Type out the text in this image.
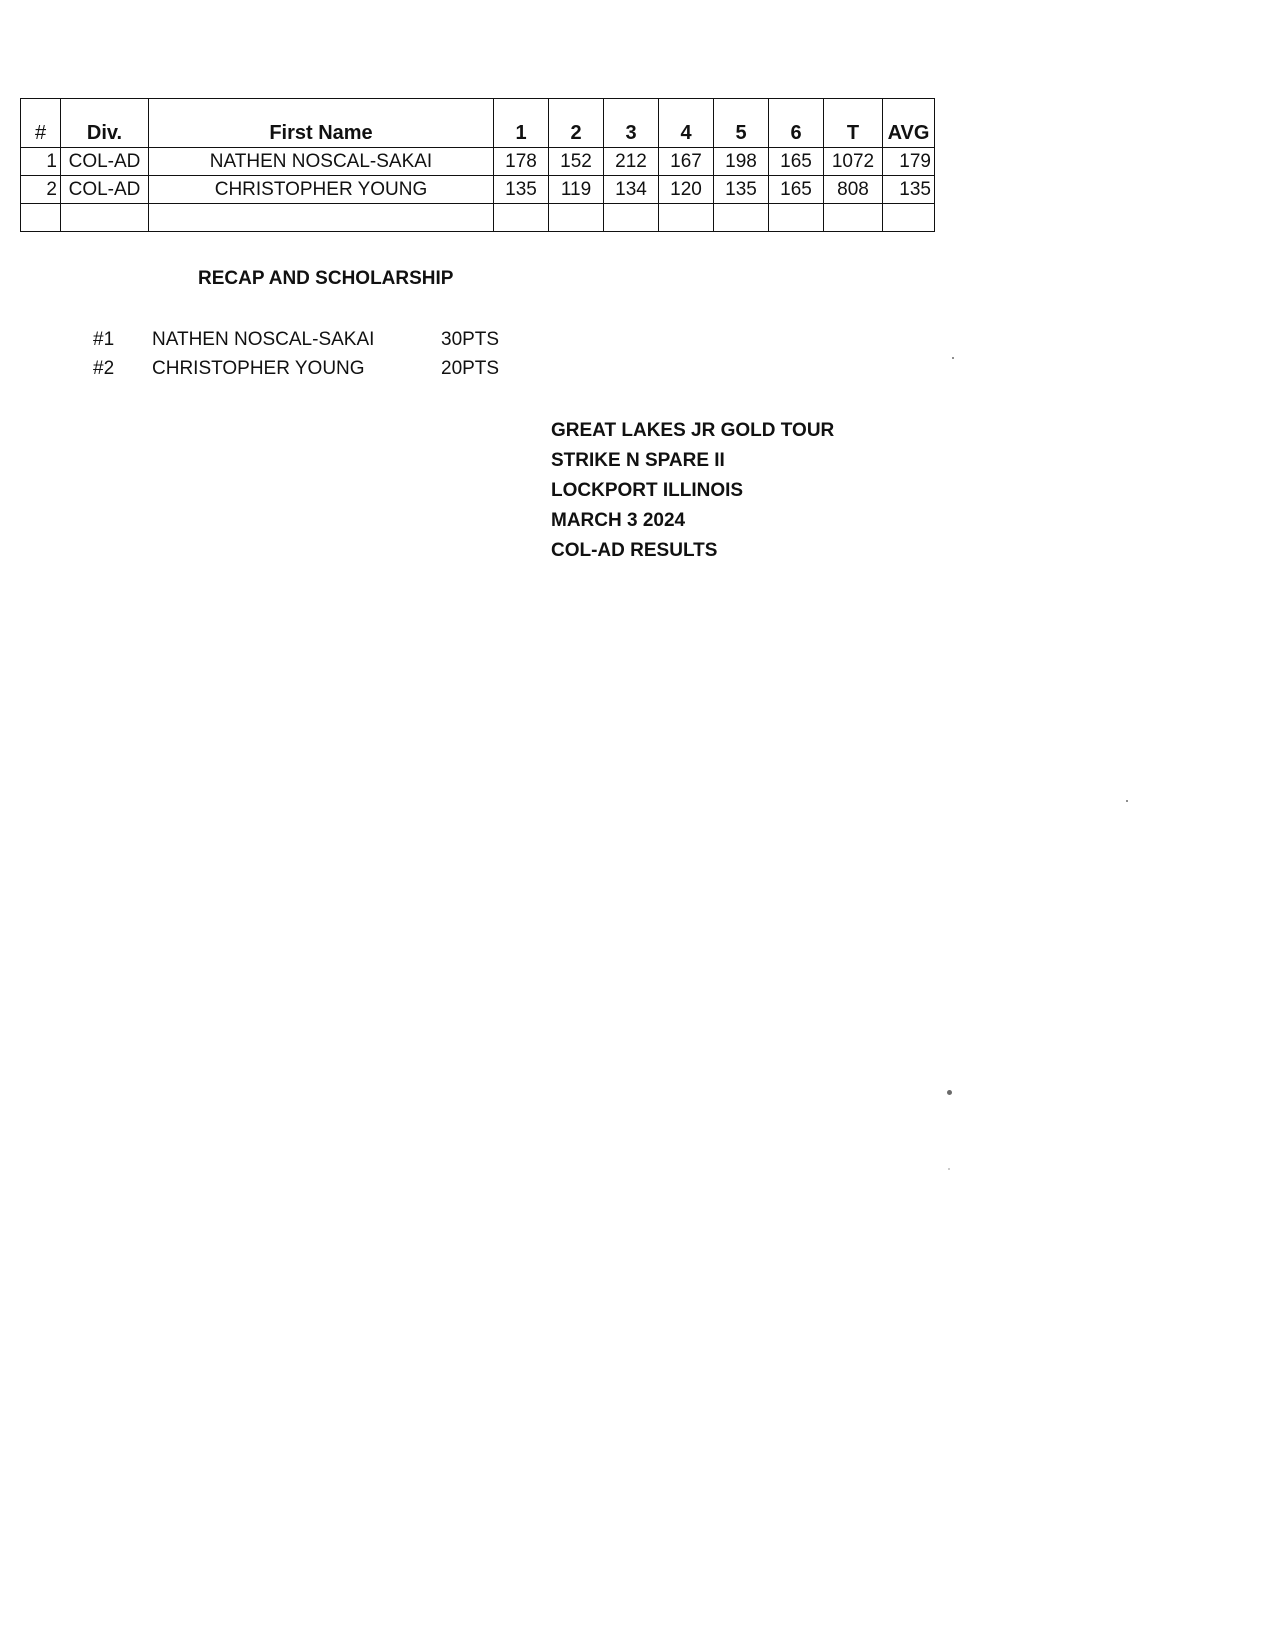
#	Div.	First Name	1	2	3	4	5	6	T	AVG
1	COL-AD	NATHEN NOSCAL-SAKAI	178	152	212	167	198	165	1072	179
2	COL-AD	CHRISTOPHER YOUNG	135	119	134	120	135	165	808	135

RECAP AND SCHOLARSHIP
#1 NATHEN NOSCAL-SAKAI	30PTS
#2 CHRISTOPHER YOUNG	20PTS
GREAT LAKES JR GOLD TOUR
STRIKE N SPARE II
LOCKPORT ILLINOIS
MARCH 3 2024
COL-AD RESULTS
